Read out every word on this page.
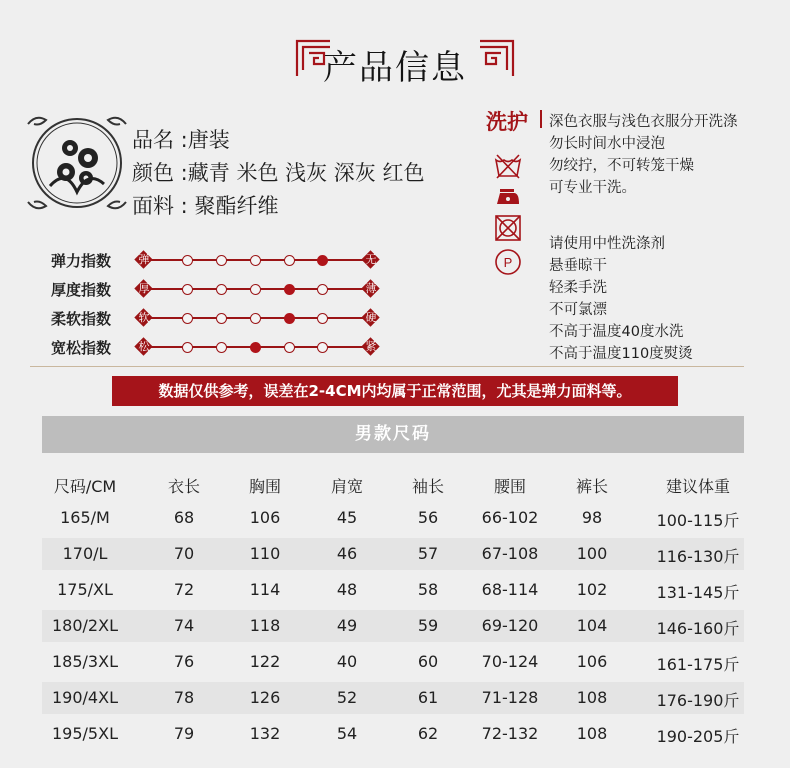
产品信息
品名 :唐装
颜色 :藏青 米色 浅灰 深灰 红色
面料 : 聚酯纤维
弹力指数	弹	无
厚度指数	厚	薄
柔软指数	软	硬
宽松指数	松	紧
洗护 深色衣服与浅色衣服分开洗涤
勿长时间水中浸泡
勿绞拧，不可转笼干燥
可专业干洗。
请使用中性洗涤剂
悬垂晾干
轻柔手洗
不可氯漂
不高于温度40度水洗
不高于温度110度熨烫
P
数据仅供参考，误差在2-4CM内均属于正常范围，尤其是弹力面料等。
男款尺码
尺码/CM	衣长	胸围	肩宽	袖长	腰围	裤长	建议体重
165/M	68	106	45	56	66-102	98	100-115斤
170/L	70	110	46	57	67-108	100	116-130斤
175/XL	72	114	48	58	68-114	102	131-145斤
180/2XL	74	118	49	59	69-120	104	146-160斤
185/3XL	76	122	40	60	70-124	106	161-175斤
190/4XL	78	126	52	61	71-128	108	176-190斤
195/5XL	79	132	54	62	72-132	108	190-205斤
